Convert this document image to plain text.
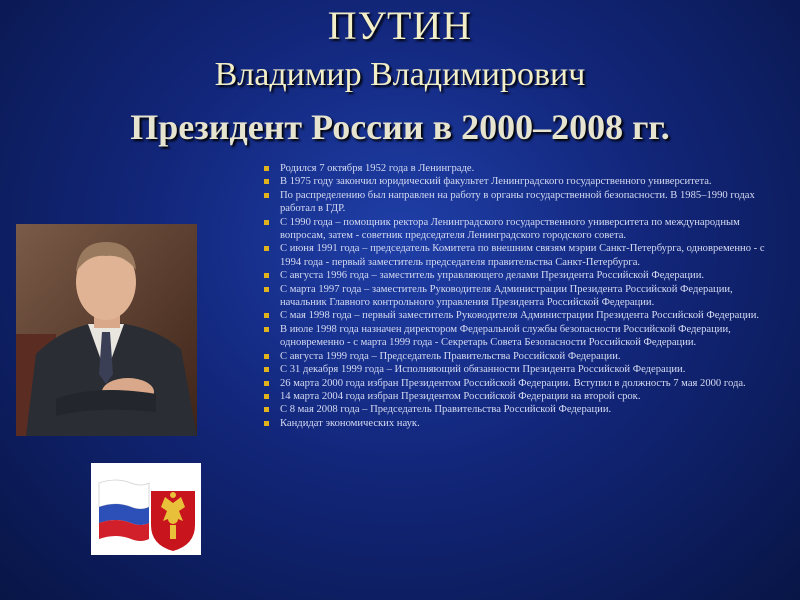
ПУТИН
Владимир Владимирович
Президент России в 2000–2008 гг.
Родился 7 октября 1952 года в Ленинграде.
В 1975 году закончил юридический факультет Ленинградского государственного университета.
По распределению был направлен на работу в органы государственной безопасности. В 1985–1990 годах работал в ГДР.
С 1990 года – помощник ректора Ленинградского государственного университета по международным вопросам, затем - советник председателя Ленинградского городского совета.
С июня 1991 года – председатель Комитета по внешним связям мэрии Санкт-Петербурга, одновременно - с 1994 года - первый заместитель председателя правительства Санкт-Петербурга.
С августа 1996 года – заместитель управляющего делами Президента Российской Федерации.
С марта 1997 года – заместитель Руководителя Администрации Президента Российской Федерации, начальник Главного контрольного управления Президента Российской Федерации.
С мая 1998 года – первый заместитель Руководителя Администрации Президента Российской Федерации.
В июле 1998 года назначен директором Федеральной службы безопасности Российской Федерации, одновременно - с марта 1999 года - Секретарь Совета Безопасности Российской Федерации.
С августа 1999 года – Председатель Правительства Российской Федерации.
С 31 декабря 1999 года – Исполняющий обязанности Президента Российской Федерации.
26 марта 2000 года избран Президентом Российской Федерации. Вступил в должность 7 мая 2000 года.
14 марта 2004 года избран Президентом Российской Федерации на второй срок.
С 8 мая 2008 года – Председатель Правительства Российской Федерации.
Кандидат экономических наук.
